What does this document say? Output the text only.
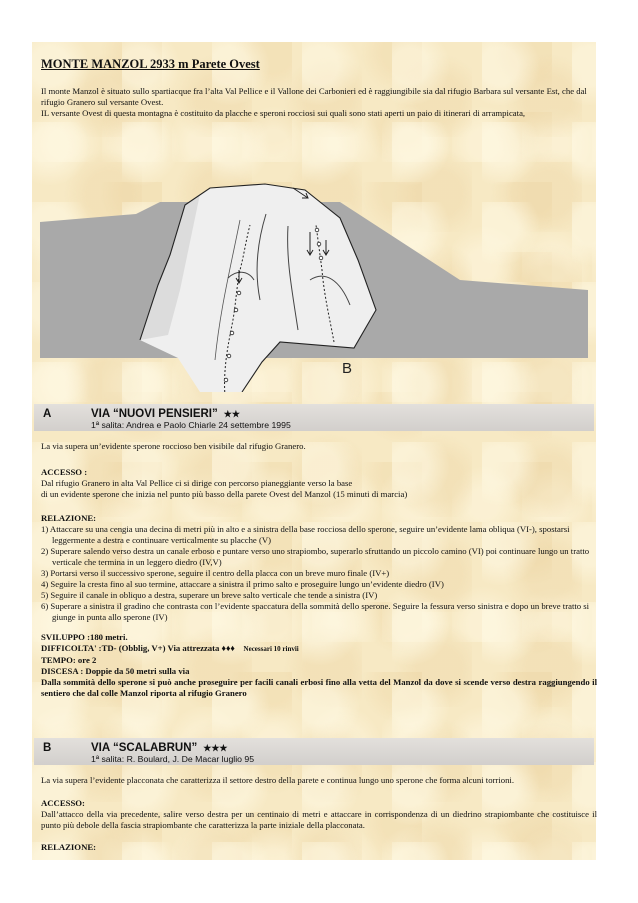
MONTE MANZOL 2933 m Parete Ovest

Il monte Manzol è situato sullo spartiacque fra l’alta Val Pellice e il Vallone dei Carbonieri ed è raggiungibile sia dal rifugio Barbara sul versante Est, che dal rifugio Granero sul versante Ovest.

IL versante Ovest di questa montagna è costituito da placche e speroni rocciosi sui quali sono stati aperti un paio di itinerari di arrampicata,

B
A	VIA “NUOVI PENSIERI” ★★
1ª salita: Andrea e Paolo Chiarle 24 settembre 1995

La via supera un’evidente sperone roccioso ben visibile dal rifugio Granero.

ACCESSO :
Dal rifugio Granero in alta Val Pellice ci si dirige con percorso pianeggiante verso la base
di un evidente sperone che inizia nel punto più basso della parete Ovest del Manzol (15 minuti di marcia)
RELAZIONE:
1) Attaccare su una cengia una decina di metri più in alto e a sinistra della base rocciosa dello sperone, seguire un’evidente lama obliqua (VI-), spostarsi leggermente a destra e continuare verticalmente su placche (V)
2) Superare salendo verso destra un canale erboso e puntare verso uno strapiombo, superarlo sfruttando un piccolo camino (VI) poi continuare lungo un tratto verticale che termina in un leggero diedro (IV,V)
3) Portarsi verso il successivo sperone, seguire il centro della placca con un breve muro finale (IV+)
4) Seguire la cresta fino al suo termine, attaccare a sinistra il primo salto e proseguire lungo un’evidente diedro (IV)
5) Seguire il canale in obliquo a destra, superare un breve salto verticale che tende a sinistra (IV)
6) Superare a sinistra il gradino che contrasta con l’evidente spaccatura della sommità dello sperone. Seguire la fessura verso sinistra e dopo un breve tratto si giunge in punta allo sperone (IV)
SVILUPPO :180 metri.
DIFFICOLTA' :TD- (Obblig, V+) Via attrezzata ♦♦♦ Necessari 10 rinvii
TEMPO: ore 2
DISCESA : Doppie da 50 metri sulla via
Dalla sommità dello sperone si può anche proseguire per facili canali erbosi fino alla vetta del Manzol da dove si scende verso destra raggiungendo il sentiero che dal colle Manzol riporta al rifugio Granero
B	VIA “SCALABRUN” ★★★
1ª salita: R. Boulard, J. De Macar luglio 95

La via supera l’evidente placconata che caratterizza il settore destro della parete e continua lungo uno sperone che forma alcuni torrioni.

ACCESSO:
Dall’attacco della via precedente, salire verso destra per un centinaio di metri e attaccare in corrispondenza di un diedrino strapiombante che costituisce il punto più debole della fascia strapiombante che caratterizza la parte iniziale della placconata.
RELAZIONE:
